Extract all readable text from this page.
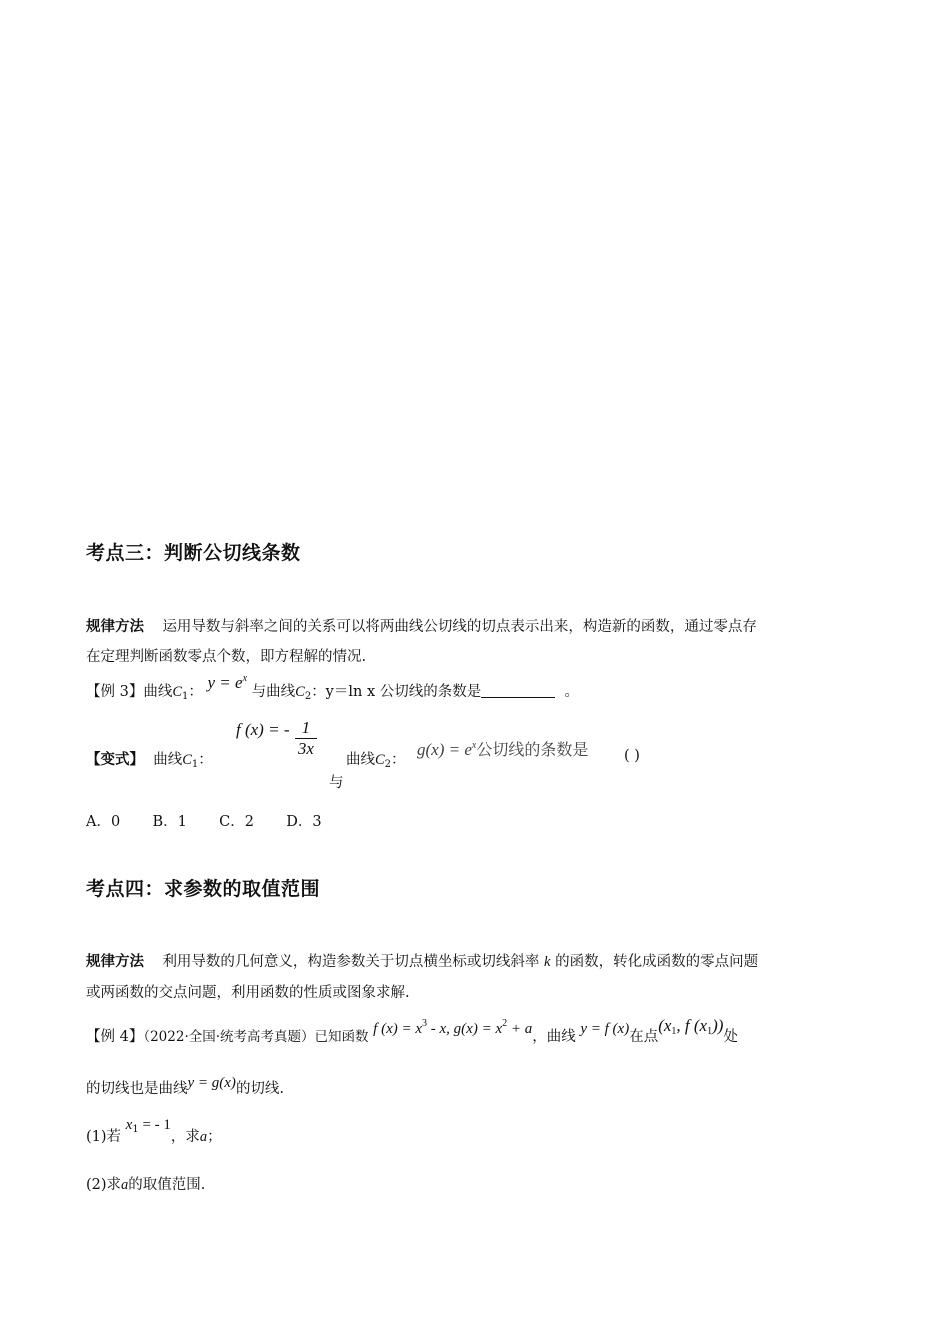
考点三：判断公切线条数
规律方法 运用导数与斜率之间的关系可以将两曲线公切线的切点表示出来，构造新的函数，通过零点存
在定理判断函数零点个数，即方程解的情况.
【例 3】曲线$C_1$： $y = e^x$ 与曲线$C_2$：y＝ln x 公切线的条数是	。
【变式】 曲线$C_1$：
f (x) = - $\frac{1}{3x}$
与
曲线$C_2$：
$g(x) = e^x$公切线的条数是 ( )
A．0 B．1 C．2 D．3
考点四：求参数的取值范围
规律方法 利用导数的几何意义，构造参数关于切点横坐标或切线斜率 k 的函数，转化成函数的零点问题
或两函数的交点问题，利用函数的性质或图象求解.
【例 4】（2022·全国·统考高考真题）已知函数 f $(x) = x^3 - x$, $g(x) = x^2 + a$，曲线 y = f (x)在点($x_1$, f $(x_1)$)处
的切线也是曲线y = g(x)的切线.
(1)若 $x_1$ = - 1，求a；
(2)求a的取值范围.
